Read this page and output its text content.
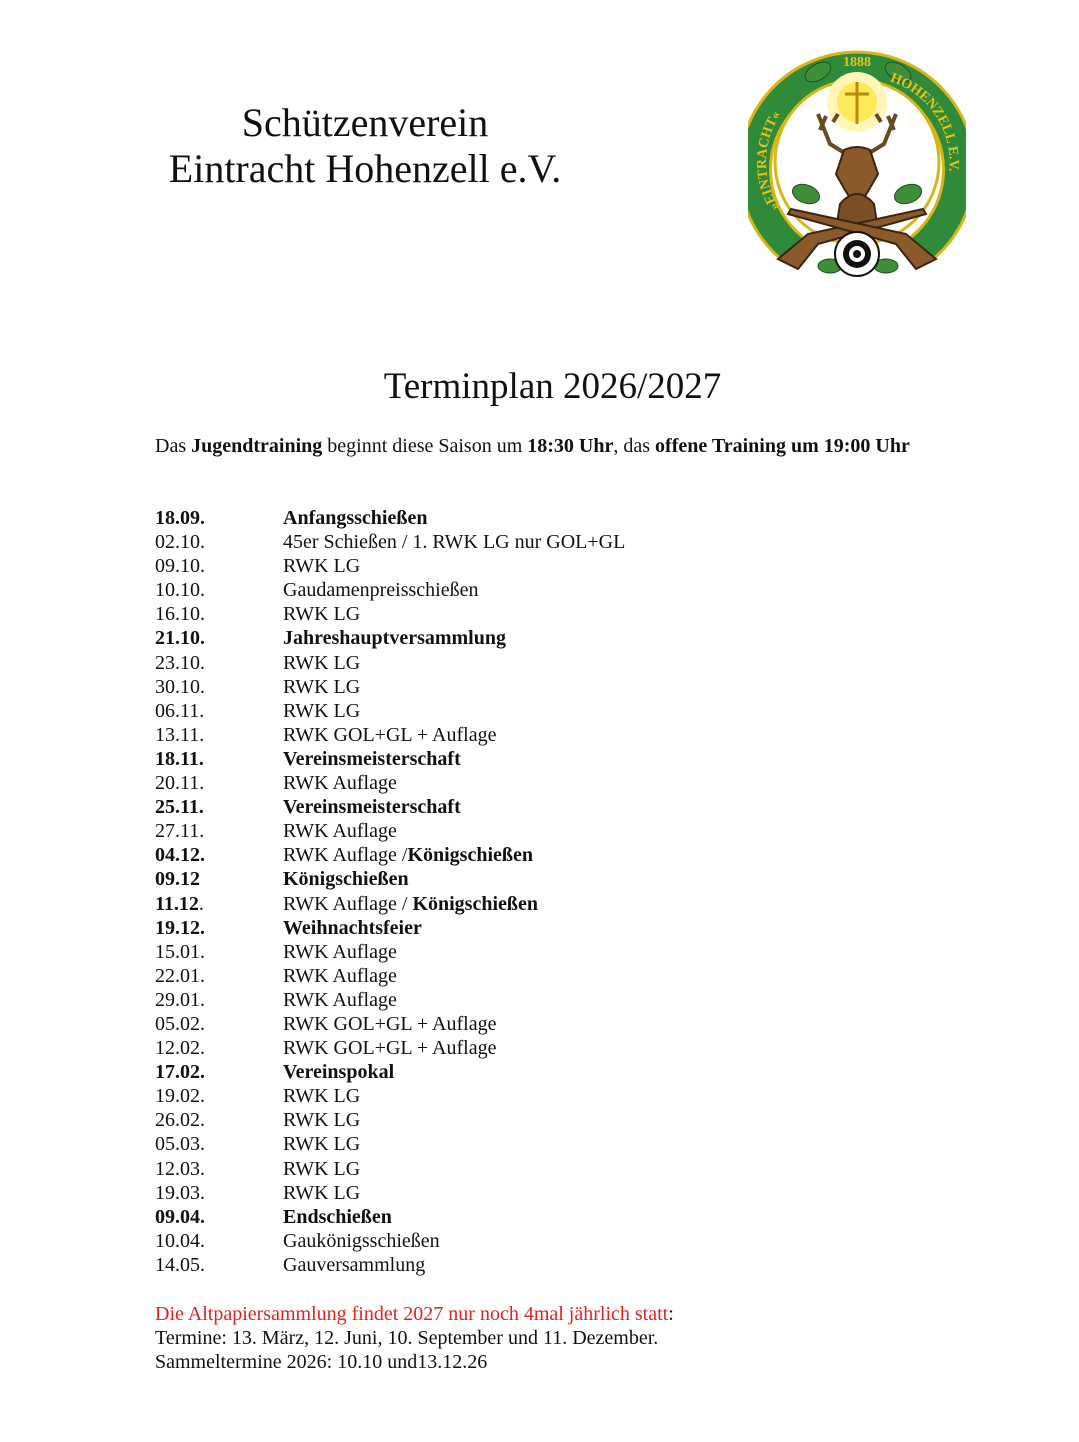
Schützenverein
Eintracht Hohenzell e.V.
»EINTRACHT«
HOHENZELL E.V.
1888
Terminplan 2026/2027
Das Jugendtraining beginnt diese Saison um 18:30 Uhr, das offene Training um 19:00 Uhr
18.09.	Anfangsschießen
02.10.	45er Schießen / 1. RWK LG nur GOL+GL
09.10.	RWK LG
10.10.	Gaudamenpreisschießen
16.10.	RWK LG
21.10.	Jahreshauptversammlung
23.10.	RWK LG
30.10.	RWK LG
06.11.	RWK LG
13.11.	RWK GOL+GL + Auflage
18.11.	Vereinsmeisterschaft
20.11.	RWK Auflage
25.11.	Vereinsmeisterschaft
27.11.	RWK Auflage
04.12.	RWK Auflage /Königschießen
09.12	Königschießen
11.12.	RWK Auflage / Königschießen
19.12.	Weihnachtsfeier
15.01.	RWK Auflage
22.01.	RWK Auflage
29.01.	RWK Auflage
05.02.	RWK GOL+GL + Auflage
12.02.	RWK GOL+GL + Auflage
17.02.	Vereinspokal
19.02.	RWK LG
26.02.	RWK LG
05.03.	RWK LG
12.03.	RWK LG
19.03.	RWK LG
09.04.	Endschießen
10.04.	Gaukönigsschießen
14.05.	Gauversammlung
Die Altpapiersammlung findet 2027 nur noch 4mal jährlich statt:
Termine: 13. März, 12. Juni, 10. September und 11. Dezember.
Sammeltermine 2026: 10.10 und13.12.26
